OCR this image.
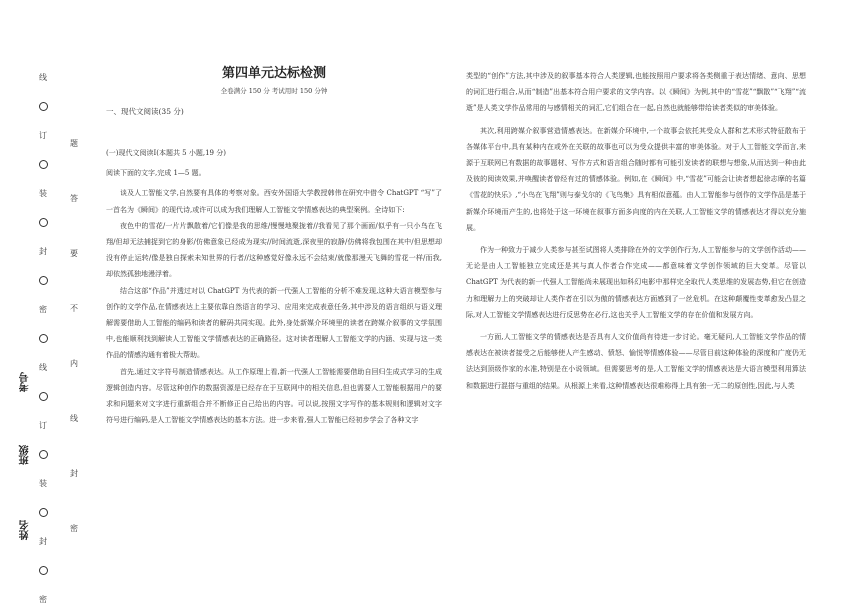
线
订
装
封
密
线
订
装
封
密
题
答
要
不
内
线
封
密
姓名
班级
考号
第四单元达标检测
全卷满分 150 分 考试用时 150 分钟
一、现代文阅读(35 分)

(一)现代文阅读Ⅰ(本题共 5 小题,19 分)

阅读下面的文字,完成 1—5 题。

谈及人工智能文学,自然要有具体的考察对象。西安外国语大学教授韩伟在研究中借令 ChatGPT “写”了一首名为《瞬间》的现代诗,或许可以成为我们理解人工智能文学情感表达的典型案例。全诗如下:

夜色中的雪花/一片片飘散着/它们像是我的思维/慢慢地聚拢着//我看见了那个画面/似乎有一只小鸟在飞翔/但却无法捕捉到它的身影/仿佛意象已经成为现实//时间流逝,深夜里的寂静/仿佛将我包围在其中/但思想却没有停止运转/像是独自探索未知世界的行者//这种感觉好像永远不会结束/就像那漫天飞舞的雪花一样/而我,却依然孤独地漫浮着。

结合这部“作品”并透过对以 ChatGPT 为代表的新一代强人工智能的分析不难发现,这种大语言模型参与创作的文学作品,在情感表达上主要依靠自然语言的学习、应用来完成表意任务,其中涉及的语言组织与语义理解需要借助人工智能的编码和读者的解码共同实现。此外,身处新媒介环境里的读者在跨媒介叙事的文学氛围中,也能顺利找到解读人工智能文学情感表达的正确路径。这对读者理解人工智能文学的内涵、实现与这一类作品的情感沟通有着极大帮助。

首先,通过文字符号制造情感表达。从工作原理上看,新一代强人工智能需要借助自回归生成式学习的生成逻辑创造内容。尽管这种创作的数据资源是已经存在于互联网中的相关信息,但也需要人工智能根据用户的要求和问题来对文字进行重新组合并不断修正自己给出的内容。可以说,按照文字写作的基本规则和逻辑对文字符号进行编码,是人工智能文学情感表达的基本方法。进一步来看,强人工智能已经初步学会了各种文字

类型的“创作”方法,其中涉及的叙事基本符合人类逻辑,也能按照用户要求将各类侧重于表达情绪、意向、思想的词汇进行组合,从而“制造”出基本符合用户要求的文学内容。以《瞬间》为例,其中的“雪花”“飘散”“飞翔”“流逝”是人类文学作品常用的与感情相关的词汇,它们组合在一起,自然也就能够带给读者类似的审美体验。

其次,利用跨媒介叙事营造情感表达。在新媒介环境中,一个故事会依托其受众人群和艺术形式特征散布于各媒体平台中,具有某种内在或外在关联的故事也可以为受众提供丰富的审美体验。对于人工智能文学而言,来源于互联网已有数据的故事题材、写作方式和语言组合随时都有可能引发读者的联想与想象,从而达到一种由此及彼的阅读效果,并唤醒读者曾经有过的情感体验。例如,在《瞬间》中,“雪花”可能会让读者想起徐志摩的名篇《雪花的快乐》,“小鸟在飞翔”则与泰戈尔的《飞鸟集》具有相似意蕴。由人工智能参与创作的文学作品是基于新媒介环境而产生的,也将处于这一环境在叙事方面多向度的内在关联,人工智能文学的情感表达才得以充分施展。

作为一种致力于减少人类参与甚至试图将人类排除在外的文学创作行为,人工智能参与的文学创作活动——无论是由人工智能独立完成还是其与真人作者合作完成——都意味着文学创作领域的巨大变革。尽管以 ChatGPT 为代表的新一代强人工智能尚未展现出如科幻电影中那样完全取代人类思维的发展态势,但它在创造力和理解力上的突破却让人类作者在引以为傲的情感表达方面感到了一丝危机。在这种颠覆性变革愈发凸显之际,对人工智能文学情感表达进行反思势在必行,这也关乎人工智能文学的存在价值和发展方向。

一方面,人工智能文学的情感表达是否具有人文价值尚有待进一步讨论。毫无疑问,人工智能文学作品的情感表达在被读者接受之后能够使人产生感动、愤怒、愉悦等情感体验——尽管目前这种体验的深度和广度仍无法达到顶级作家的水准,特别是在小说领域。但需要思考的是,人工智能文学的情感表达是大语言模型利用算法和数据进行混搭与重组的结果。从根源上来看,这种情感表达很难称得上具有独一无二的原创性,因此,与人类
